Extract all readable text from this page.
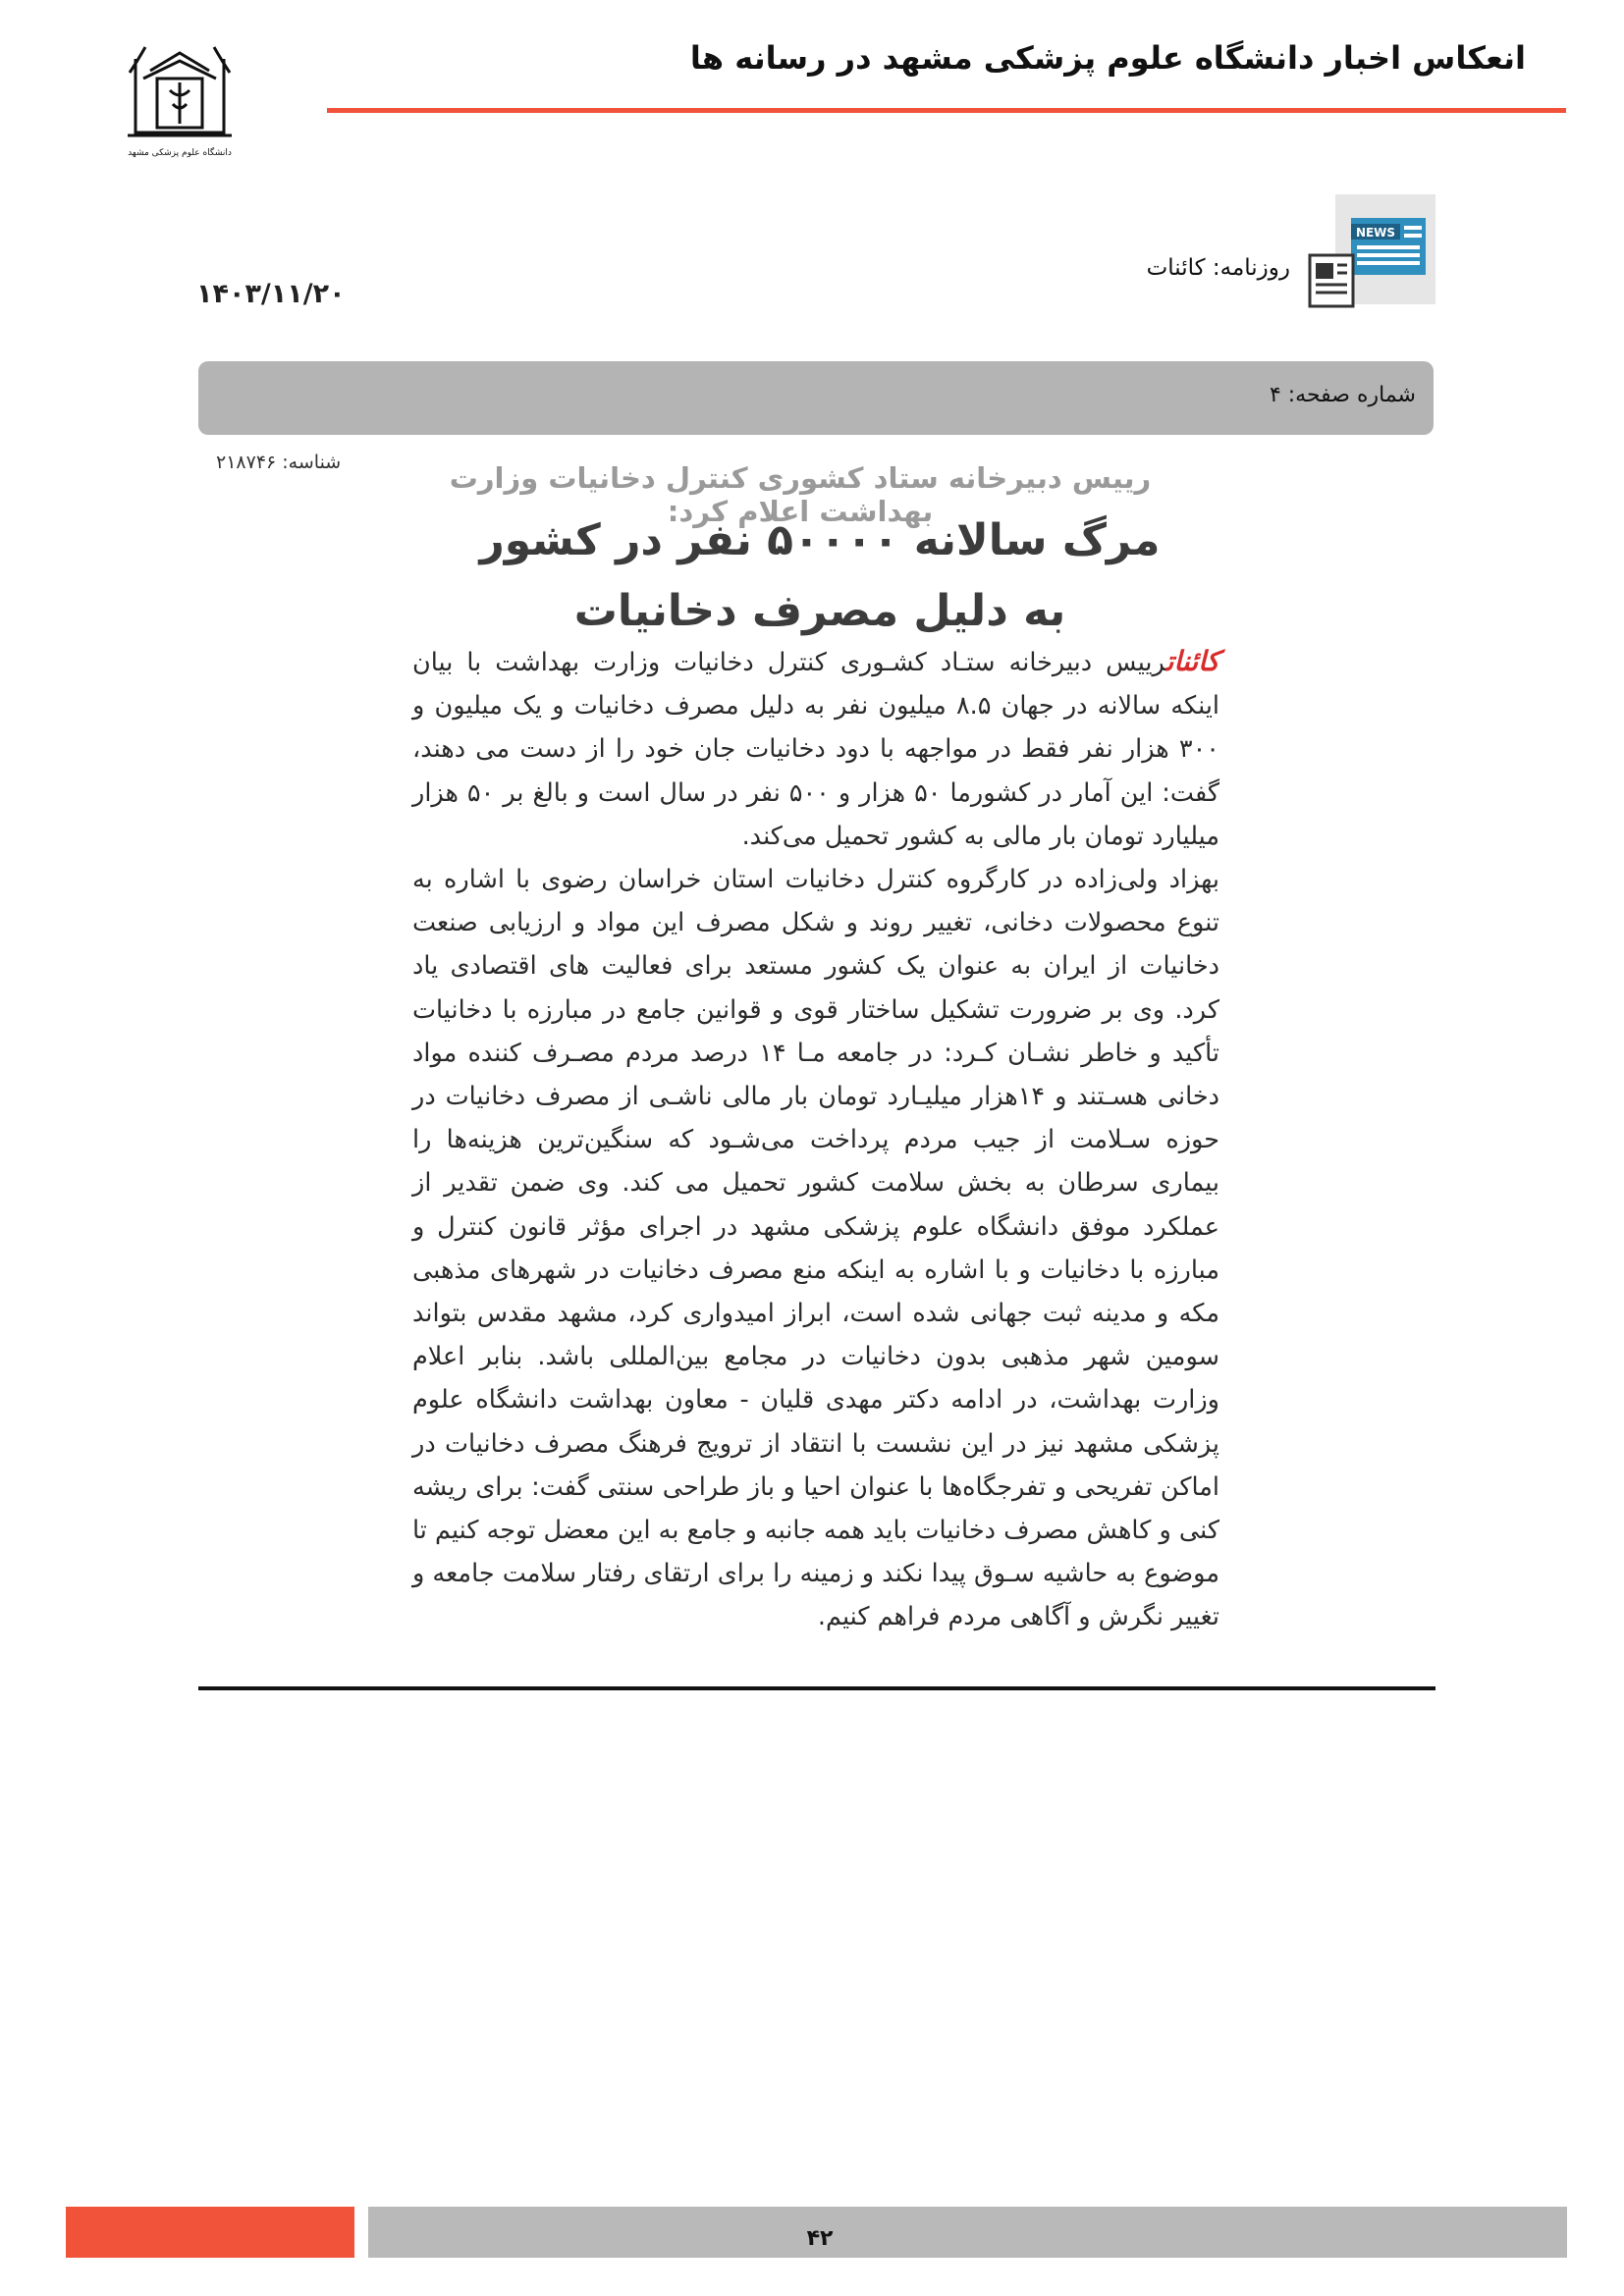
انعکاس اخبار دانشگاه علوم پزشکی مشهد در رسانه ها
دانشگاه علوم پزشکی مشهد
NEWS
روزنامه: کائنات
۱۴۰۳/۱۱/۲۰
شماره صفحه: ۴
شناسه: ۲۱۸۷۴۶	رییس دبیرخانه ستاد کشوری کنترل دخانیات وزارت بهداشت اعلام کرد:
مرگ سالانه ۵۰۰۰۰ نفر در کشور
به دلیل مصرف دخانیات

کائناترییس دبیرخانه ستـاد کشـوری کنترل دخانیات وزارت بهداشت با بیان اینکه سالانه در جهان ۸.۵ میلیون نفر به دلیل مصرف دخانیات و یک میلیون و ۳۰۰ هزار نفر فقط در مواجهه با دود دخانیات جان خود را از دست می دهند، گفت: این آمار در کشورما ۵۰ هزار و ۵۰۰ نفر در سال است و بالغ بر ۵۰ هزار میلیارد تومان بار مالی به کشور تحمیل می‌کند.

بهزاد ولی‌زاده در کارگروه کنترل دخانیات استان خراسان رضوی با اشاره به تنوع محصولات دخانی، تغییر روند و شکل مصرف این مواد و ارزیابی صنعت دخانیات از ایران به عنوان یک کشور مستعد برای فعالیت های اقتصادی یاد کرد. وی بر ضرورت تشکیل ساختار قوی و قوانین جامع در مبارزه با دخانیات تأکید و خاطر نشـان کـرد: در جامعه مـا ۱۴ درصد مردم مصـرف کننده مواد دخانی هسـتند و ۱۴هزار میلیـارد تومان بار مالی ناشـی از مصرف دخانیات در حوزه سـلامت از جیب مردم پرداخت می‌شـود که سنگین‌ترین هزینه‌ها را بیماری سرطان به بخش سلامت کشور تحمیل می کند. وی ضمن تقدیر از عملکرد موفق دانشگاه علوم پزشکی مشهد در اجرای مؤثر قانون کنترل و مبارزه با دخانیات و با اشاره به اینکه منع مصرف دخانیات در شهرهای مذهبی مکه و مدینه ثبت جهانی شده است، ابراز امیدواری کرد، مشهد مقدس بتواند سومین شهر مذهبی بدون دخانیات در مجامع بین‌المللی باشد. بنابر اعلام وزارت بهداشت، در ادامه دکتر مهدی قلیان - معاون بهداشت دانشگاه علوم پزشکی مشهد نیز در این نشست با انتقاد از ترویج فرهنگ مصرف دخانیات در اماکن تفریحی و تفرجگاه‌ها با عنوان احیا و باز طراحی سنتی گفت: برای ریشه کنی و کاهش مصرف دخانیات باید همه جانبه و جامع به این معضل توجه کنیم تا موضوع به حاشیه سـوق پیدا نکند و زمینه را برای ارتقای رفتار سلامت جامعه و تغییر نگرش و آگاهی مردم فراهم کنیم.

۴۲
